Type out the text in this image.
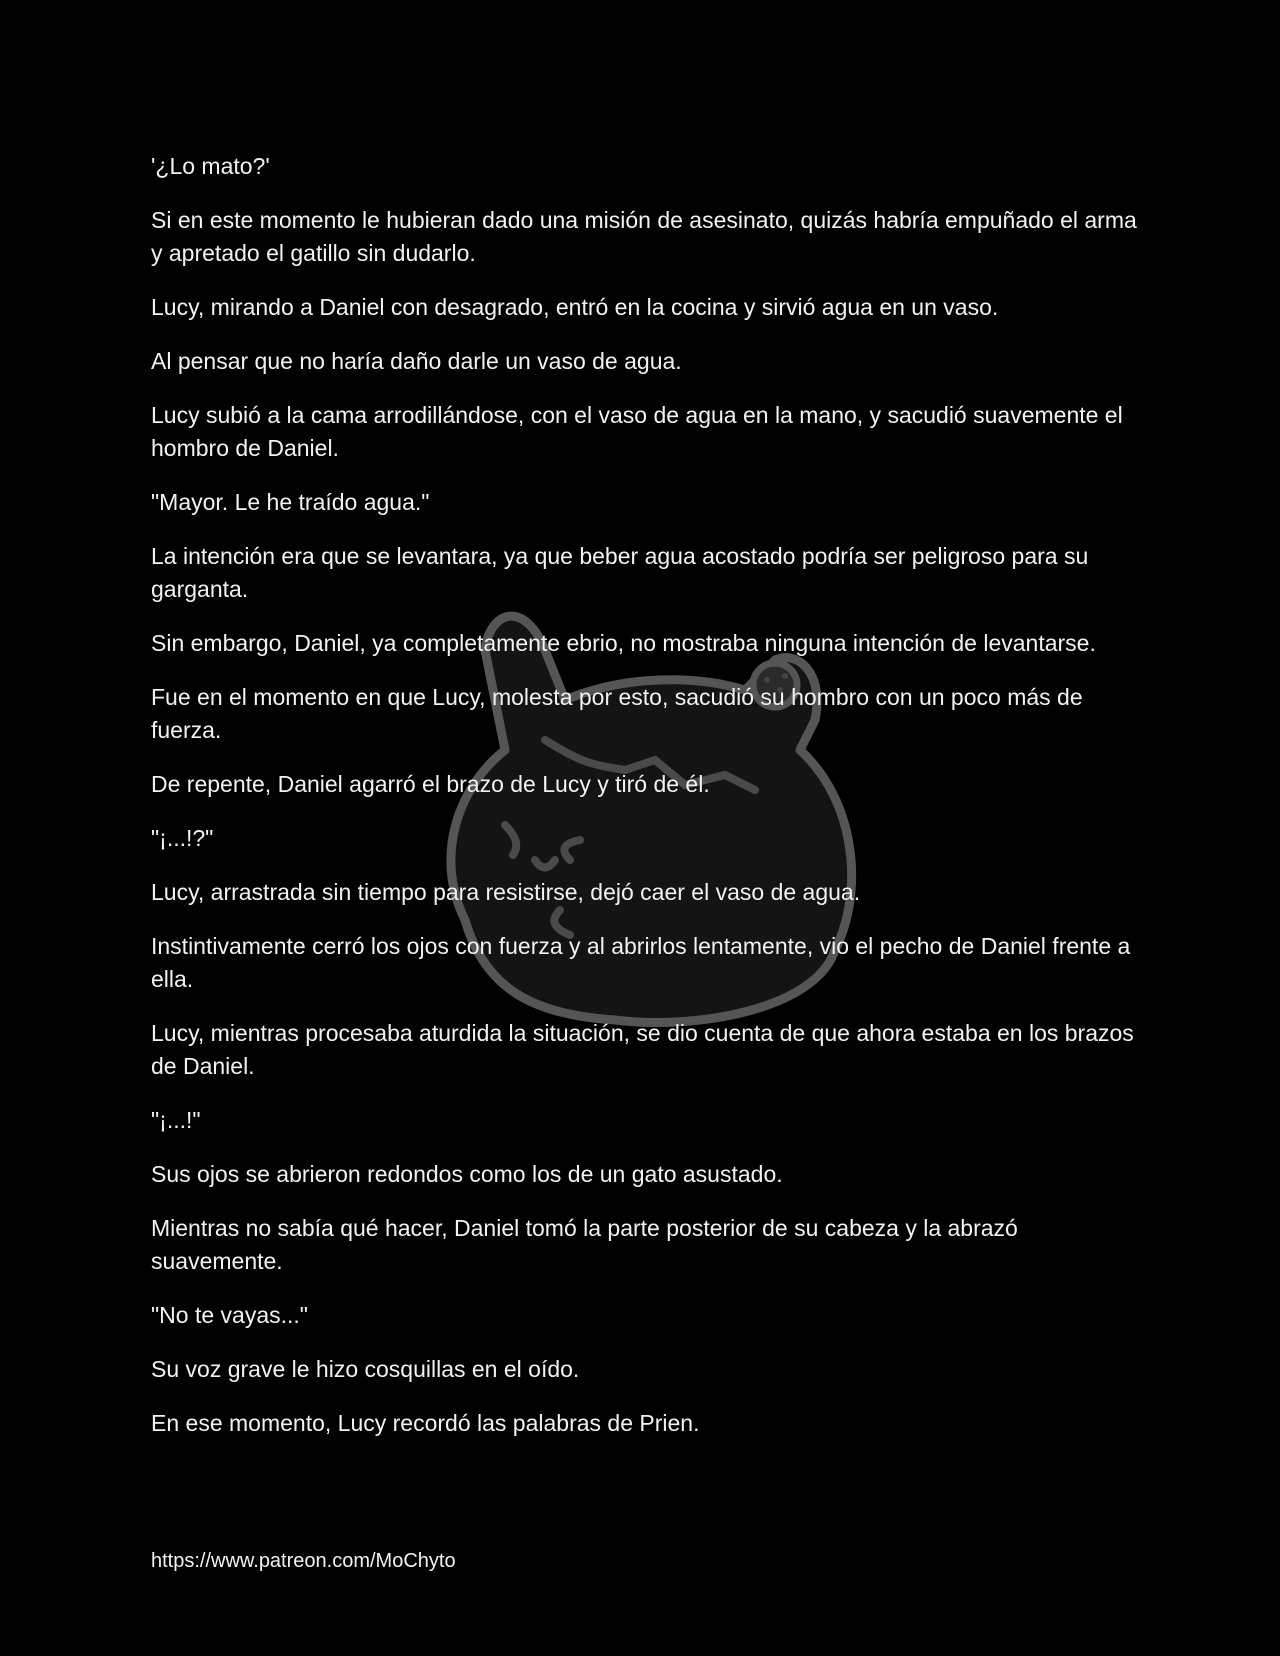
'¿Lo mato?'

Si en este momento le hubieran dado una misión de asesinato, quizás habría empuñado el arma y apretado el gatillo sin dudarlo.

Lucy, mirando a Daniel con desagrado, entró en la cocina y sirvió agua en un vaso.

Al pensar que no haría daño darle un vaso de agua.

Lucy subió a la cama arrodillándose, con el vaso de agua en la mano, y sacudió suavemente el hombro de Daniel.

"Mayor. Le he traído agua."

La intención era que se levantara, ya que beber agua acostado podría ser peligroso para su garganta.

Sin embargo, Daniel, ya completamente ebrio, no mostraba ninguna intención de levantarse.

Fue en el momento en que Lucy, molesta por esto, sacudió su hombro con un poco más de fuerza.

De repente, Daniel agarró el brazo de Lucy y tiró de él.

"¡...!?"

Lucy, arrastrada sin tiempo para resistirse, dejó caer el vaso de agua.

Instintivamente cerró los ojos con fuerza y al abrirlos lentamente, vio el pecho de Daniel frente a ella.

Lucy, mientras procesaba aturdida la situación, se dio cuenta de que ahora estaba en los brazos de Daniel.

"¡...!"

Sus ojos se abrieron redondos como los de un gato asustado.

Mientras no sabía qué hacer, Daniel tomó la parte posterior de su cabeza y la abrazó suavemente.

"No te vayas..."

Su voz grave le hizo cosquillas en el oído.

En ese momento, Lucy recordó las palabras de Prien.

https://www.patreon.com/MoChyto
